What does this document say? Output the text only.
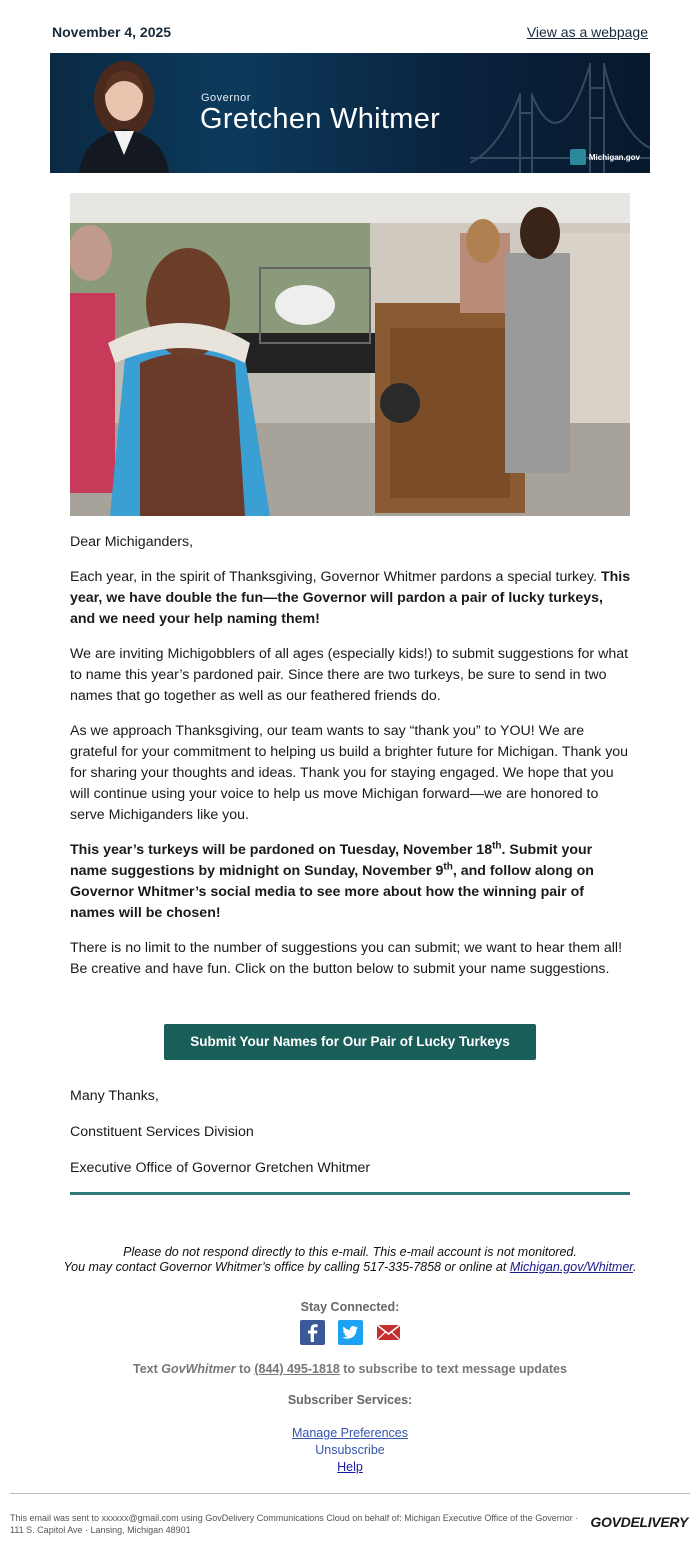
November 4, 2025	View as a webpage
Governor
Gretchen Whitmer
Michigan.gov

Dear Michiganders,

Each year, in the spirit of Thanksgiving, Governor Whitmer pardons a special turkey. This year, we have double the fun—the Governor will pardon a pair of lucky turkeys, and we need your help naming them!

We are inviting Michigobblers of all ages (especially kids!) to submit suggestions for what to name this year’s pardoned pair. Since there are two turkeys, be sure to send in two names that go together as well as our feathered friends do.

As we approach Thanksgiving, our team wants to say “thank you” to YOU! We are grateful for your commitment to helping us build a brighter future for Michigan. Thank you for sharing your thoughts and ideas. Thank you for staying engaged. We hope that you will continue using your voice to help us move Michigan forward—we are honored to serve Michiganders like you.

This year’s turkeys will be pardoned on Tuesday, November 18th. Submit your name suggestions by midnight on Sunday, November 9th, and follow along on Governor Whitmer’s social media to see more about how the winning pair of names will be chosen!

There is no limit to the number of suggestions you can submit; we want to hear them all! Be creative and have fun. Click on the button below to submit your name suggestions.

Submit Your Names for Our Pair of Lucky Turkeys
Many Thanks,
Constituent Services Division
Executive Office of Governor Gretchen Whitmer
Please do not respond directly to this e-mail. This e-mail account is not monitored.
You may contact Governor Whitmer’s office by calling 517-335-7858 or online at Michigan.gov/Whitmer.
Stay Connected:
Text GovWhitmer to (844) 495-1818 to subscribe to text message updates
Subscriber Services:
Manage Preferences
Unsubscribe
Help
This email was sent to xxxxxx@gmail.com using GovDelivery Communications Cloud on behalf of: Michigan Executive Office of the Governor · 111 S. Capitol Ave · Lansing, Michigan 48901	GOVDELIVERY
